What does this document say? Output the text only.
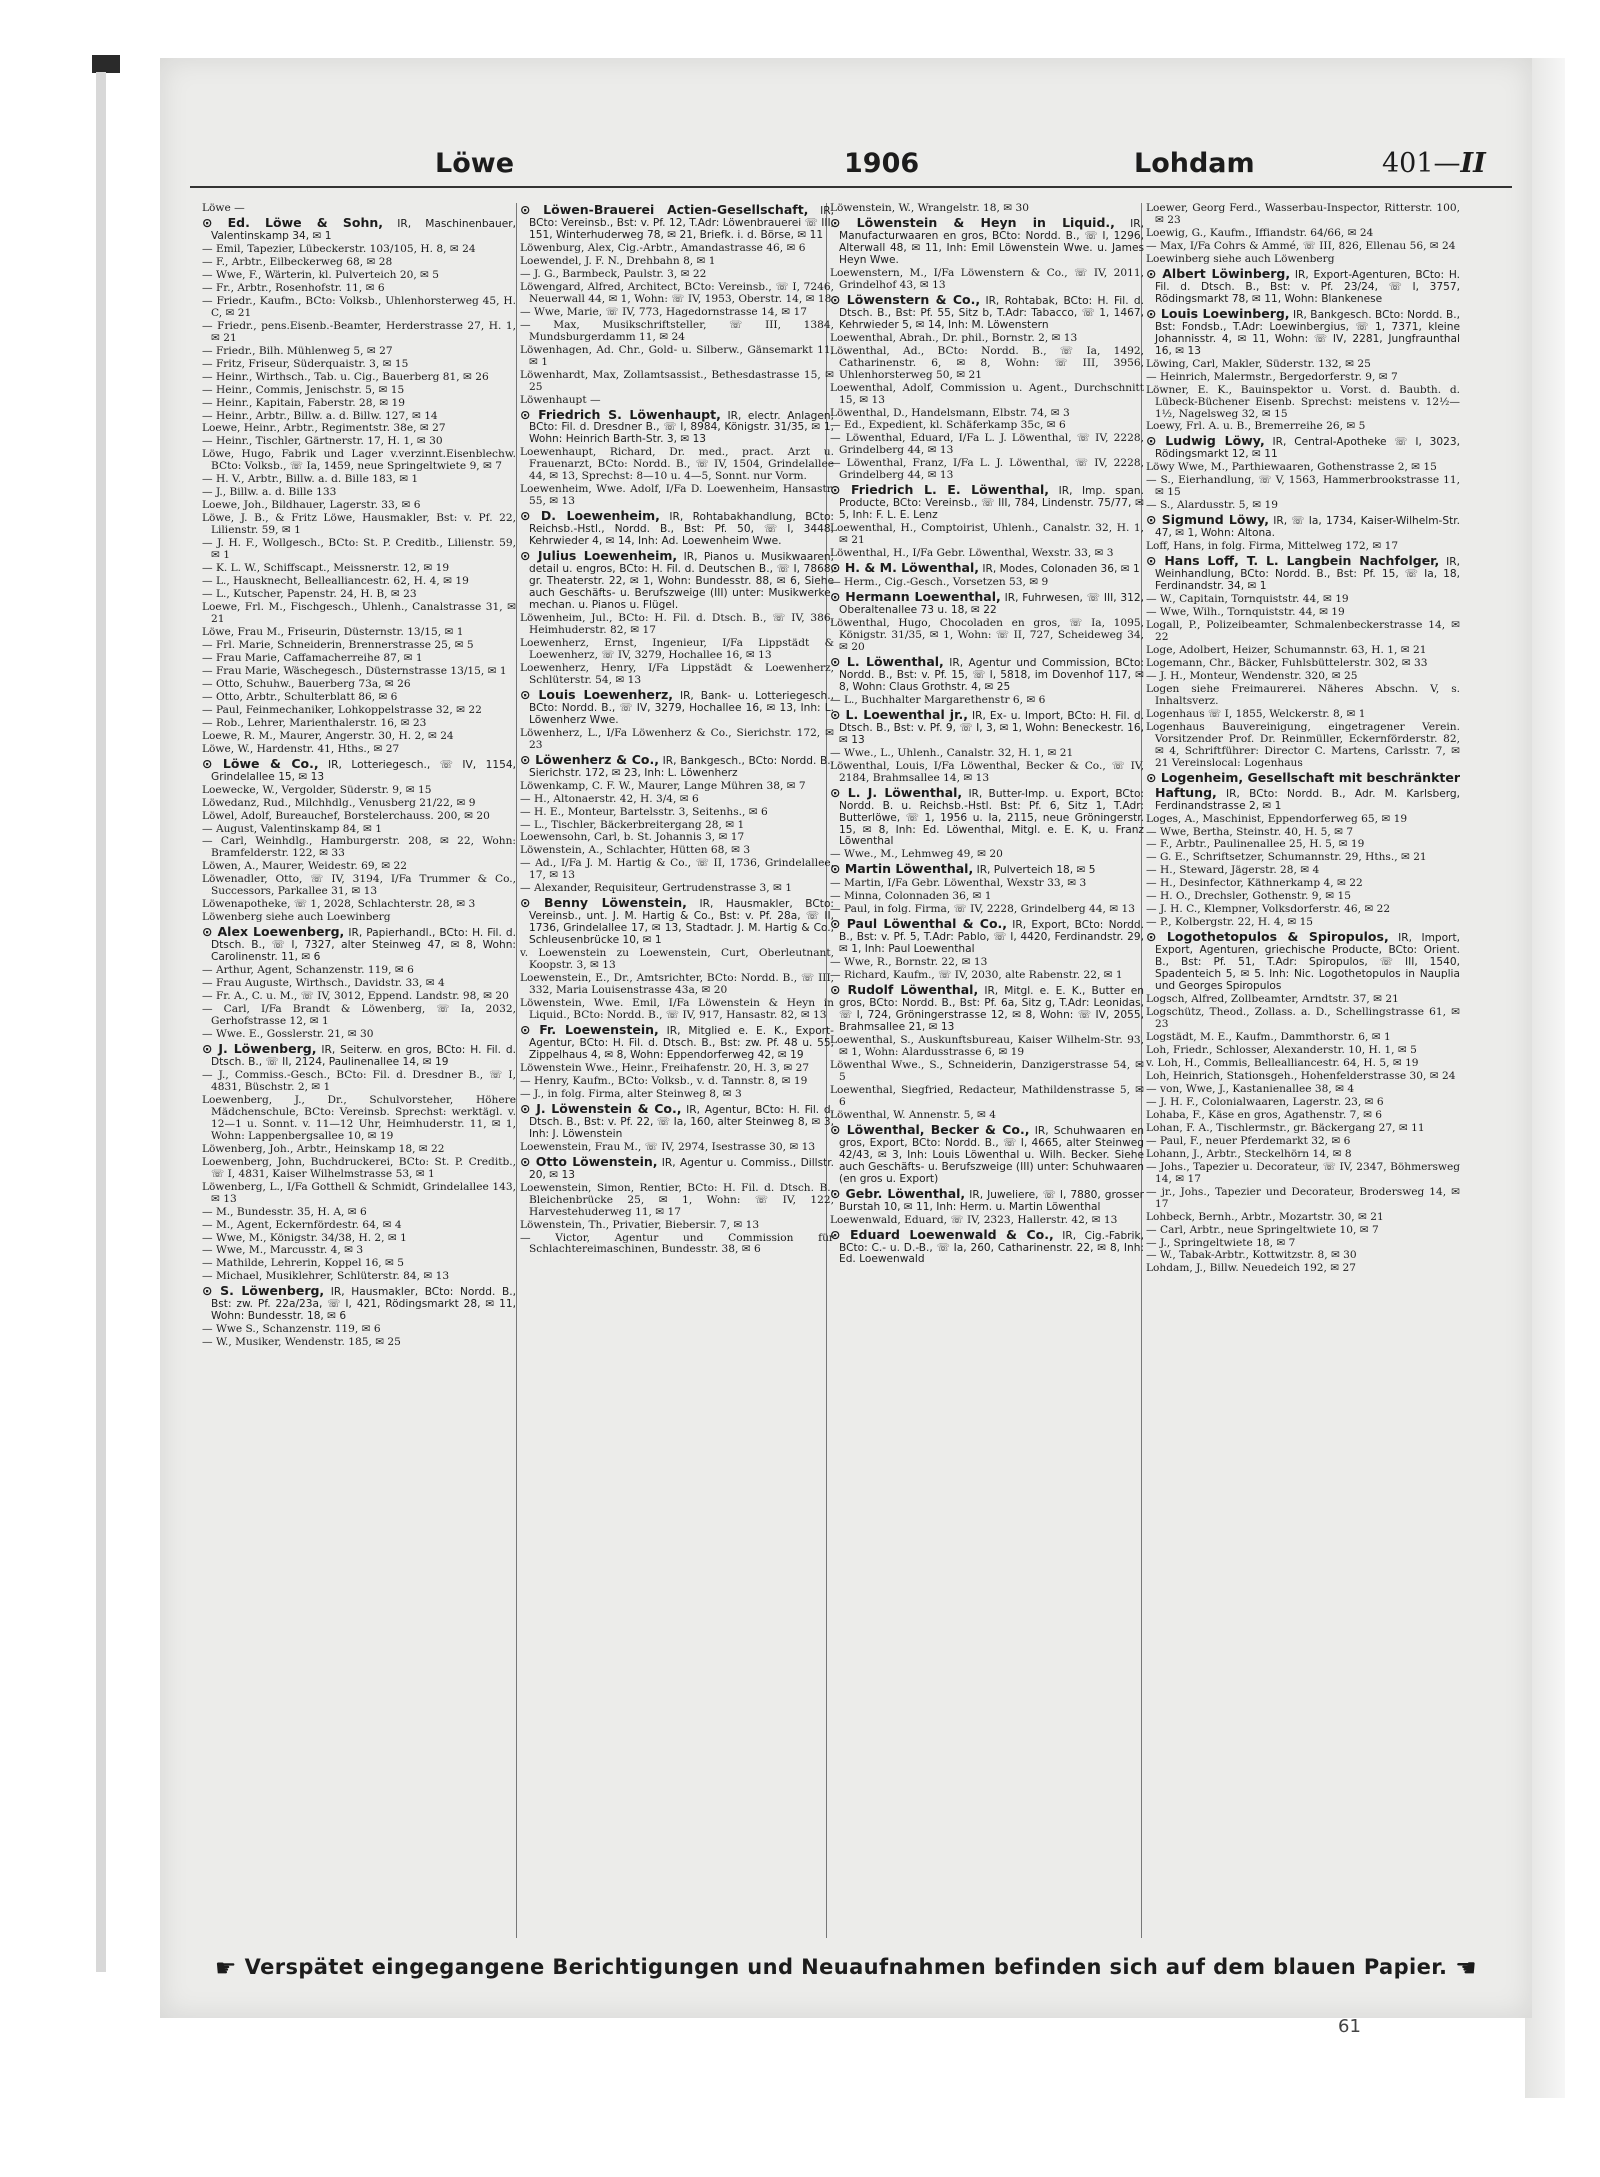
Löwe	1906	Lohdam	401—II
Löwe —
⊙ Ed. Löwe & Sohn, IR, Maschinenbauer, Valentinskamp 34, ✉ 1
— Emil, Tapezier, Lübeckerstr. 103/105, H. 8, ✉ 24
— F., Arbtr., Eilbeckerweg 68, ✉ 28
— Wwe, F., Wärterin, kl. Pulverteich 20, ✉ 5
— Fr., Arbtr., Rosenhofstr. 11, ✉ 6
— Friedr., Kaufm., BCto: Volksb., Uhlenhorsterweg 45, H. C, ✉ 21
— Friedr., pens.Eisenb.-Beamter, Herderstrasse 27, H. 1, ✉ 21
— Friedr., Bilh. Mühlenweg 5, ✉ 27
— Fritz, Friseur, Süderquaistr. 3, ✉ 15
— Heinr., Wirthsch., Tab. u. Cig., Bauerberg 81, ✉ 26
— Heinr., Commis, Jenischstr. 5, ✉ 15
— Heinr., Kapitain, Faberstr. 28, ✉ 19
— Heinr., Arbtr., Billw. a. d. Billw. 127, ✉ 14
Loewe, Heinr., Arbtr., Regimentstr. 38e, ✉ 27
— Heinr., Tischler, Gärtnerstr. 17, H. 1, ✉ 30
Löwe, Hugo, Fabrik und Lager v.verzinnt.Eisenblechw. BCto: Volksb., ☏ Ia, 1459, neue Springeltwiete 9, ✉ 7
— H. V., Arbtr., Billw. a. d. Bille 183, ✉ 1
— J., Billw. a. d. Bille 133
Loewe, Joh., Bildhauer, Lagerstr. 33, ✉ 6
Löwe, J. B., & Fritz Löwe, Hausmakler, Bst: v. Pf. 22, Lilienstr. 59, ✉ 1
— J. H. F., Wollgesch., BCto: St. P. Creditb., Lilienstr. 59, ✉ 1
— K. L. W., Schiffscapt., Meissnerstr. 12, ✉ 19
— L., Hausknecht, Bellealliancestr. 62, H. 4, ✉ 19
— L., Kutscher, Papenstr. 24, H. B, ✉ 23
Loewe, Frl. M., Fischgesch., Uhlenh., Canalstrasse 31, ✉ 21
Löwe, Frau M., Friseurin, Düsternstr. 13/15, ✉ 1
— Frl. Marie, Schneiderin, Brennerstrasse 25, ✉ 5
— Frau Marie, Caffamacherreihe 87, ✉ 1
— Frau Marie, Wäschegesch., Düsternstrasse 13/15, ✉ 1
— Otto, Schuhw., Bauerberg 73a, ✉ 26
— Otto, Arbtr., Schulterblatt 86, ✉ 6
— Paul, Feinmechaniker, Lohkoppelstrasse 32, ✉ 22
— Rob., Lehrer, Marienthalerstr. 16, ✉ 23
Loewe, R. M., Maurer, Angerstr. 30, H. 2, ✉ 24
Löwe, W., Hardenstr. 41, Hths., ✉ 27
⊙ Löwe & Co., IR, Lotteriegesch., ☏ IV, 1154, Grindelallee 15, ✉ 13
Loewecke, W., Vergolder, Süderstr. 9, ✉ 15
Löwedanz, Rud., Milchhdlg., Venusberg 21/22, ✉ 9
Löwel, Adolf, Bureauchef, Borstelerchauss. 200, ✉ 20
— August, Valentinskamp 84, ✉ 1
— Carl, Weinhdlg., Hamburgerstr. 208, ✉ 22, Wohn: Bramfelderstr. 122, ✉ 33
Löwen, A., Maurer, Weidestr. 69, ✉ 22
Löwenadler, Otto, ☏ IV, 3194, I/Fa Trummer & Co., Successors, Parkallee 31, ✉ 13
Löwenapotheke, ☏ 1, 2028, Schlachterstr. 28, ✉ 3
Löwenberg siehe auch Loewinberg
⊙ Alex Loewenberg, IR, Papierhandl., BCto: H. Fil. d. Dtsch. B., ☏ I, 7327, alter Steinweg 47, ✉ 8, Wohn: Carolinenstr. 11, ✉ 6
— Arthur, Agent, Schanzenstr. 119, ✉ 6
— Frau Auguste, Wirthsch., Davidstr. 33, ✉ 4
— Fr. A., C. u. M., ☏ IV, 3012, Eppend. Landstr. 98, ✉ 20
— Carl, I/Fa Brandt & Löwenberg, ☏ Ia, 2032, Gerhofstrasse 12, ✉ 1
— Wwe. E., Gosslerstr. 21, ✉ 30
⊙ J. Löwenberg, IR, Seiterw. en gros, BCto: H. Fil. d. Dtsch. B., ☏ II, 2124, Paulinenallee 14, ✉ 19
— J., Commiss.-Gesch., BCto: Fil. d. Dresdner B., ☏ I, 4831, Büschstr. 2, ✉ 1
Loewenberg, J., Dr., Schulvorsteher, Höhere Mädchenschule, BCto: Vereinsb. Sprechst: werktägl. v. 12—1 u. Sonnt. v. 11—12 Uhr, Heimhuderstr. 11, ✉ 1, Wohn: Lappenbergsallee 10, ✉ 19
Löwenberg, Joh., Arbtr., Heinskamp 18, ✉ 22
Loewenberg, John, Buchdruckerei, BCto: St. P. Creditb., ☏ I, 4831, Kaiser Wilhelmstrasse 53, ✉ 1
Löwenberg, L., I/Fa Gotthell & Schmidt, Grindelallee 143, ✉ 13
— M., Bundesstr. 35, H. A, ✉ 6
— M., Agent, Eckernfördestr. 64, ✉ 4
— Wwe, M., Königstr. 34/38, H. 2, ✉ 1
— Wwe, M., Marcusstr. 4, ✉ 3
— Mathilde, Lehrerin, Koppel 16, ✉ 5
— Michael, Musiklehrer, Schlüterstr. 84, ✉ 13
⊙ S. Löwenberg, IR, Hausmakler, BCto: Nordd. B., Bst: zw. Pf. 22a/23a, ☏ I, 421, Rödingsmarkt 28, ✉ 11, Wohn: Bundesstr. 18, ✉ 6
— Wwe S., Schanzenstr. 119, ✉ 6
— W., Musiker, Wendenstr. 185, ✉ 25
⊙ Löwen-Brauerei Actien-Gesellschaft, IR, BCto: Vereinsb., Bst: v. Pf. 12, T.Adr: Löwenbrauerei ☏ III, 151, Winterhuderweg 78, ✉ 21, Briefk. i. d. Börse, ✉ 11
Löwenburg, Alex, Cig.-Arbtr., Amandastrasse 46, ✉ 6
Loewendel, J. F. N., Drehbahn 8, ✉ 1
— J. G., Barmbeck, Paulstr. 3, ✉ 22
Löwengard, Alfred, Architect, BCto: Vereinsb., ☏ I, 7246, Neuerwall 44, ✉ 1, Wohn: ☏ IV, 1953, Oberstr. 14, ✉ 18
— Wwe, Marie, ☏ IV, 773, Hagedornstrasse 14, ✉ 17
— Max, Musikschriftsteller, ☏ III, 1384, Mundsburgerdamm 11, ✉ 24
Löwenhagen, Ad. Chr., Gold- u. Silberw., Gänsemarkt 11, ✉ 1
Löwenhardt, Max, Zollamtsassist., Bethesdastrasse 15, ✉ 25
Löwenhaupt —
⊙ Friedrich S. Löwenhaupt, IR, electr. Anlagen, BCto: Fil. d. Dresdner B., ☏ I, 8984, Königstr. 31/35, ✉ 1, Wohn: Heinrich Barth-Str. 3, ✉ 13
Loewenhaupt, Richard, Dr. med., pract. Arzt u. Frauenarzt, BCto: Nordd. B., ☏ IV, 1504, Grindelallee 44, ✉ 13, Sprechst: 8—10 u. 4—5, Sonnt. nur Vorm.
Loewenheim, Wwe. Adolf, I/Fa D. Loewenheim, Hansastr. 55, ✉ 13
⊙ D. Loewenheim, IR, Rohtabakhandlung, BCto: Reichsb.-Hstl., Nordd. B., Bst: Pf. 50, ☏ I, 3448, Kehrwieder 4, ✉ 14, Inh: Ad. Loewenheim Wwe.
⊙ Julius Loewenheim, IR, Pianos u. Musikwaaren, detail u. engros, BCto: H. Fil. d. Deutschen B., ☏ I, 7868, gr. Theaterstr. 22, ✉ 1, Wohn: Bundesstr. 88, ✉ 6, Siehe auch Geschäfts- u. Berufszweige (III) unter: Musikwerke, mechan. u. Pianos u. Flügel.
Löwenheim, Jul., BCto: H. Fil. d. Dtsch. B., ☏ IV, 386, Heimhuderstr. 82, ✉ 17
Loewenherz, Ernst, Ingenieur, I/Fa Lippstädt & Loewenherz, ☏ IV, 3279, Hochallee 16, ✉ 13
Loewenherz, Henry, I/Fa Lippstädt & Loewenherz, Schlüterstr. 54, ✉ 13
⊙ Louis Loewenherz, IR, Bank- u. Lotteriegesch., BCto: Nordd. B., ☏ IV, 3279, Hochallee 16, ✉ 13, Inh: L. Löwenherz Wwe.
Löwenherz, L., I/Fa Löwenherz & Co., Sierichstr. 172, ✉ 23
⊙ Löwenherz & Co., IR, Bankgesch., BCto: Nordd. B., Sierichstr. 172, ✉ 23, Inh: L. Löwenherz
Löwenkamp, C. F. W., Maurer, Lange Mühren 38, ✉ 7
— H., Altonaerstr. 42, H. 3/4, ✉ 6
— H. E., Monteur, Bartelsstr. 3, Seitenhs., ✉ 6
— L., Tischler, Bäckerbreitergang 28, ✉ 1
Loewensohn, Carl, b. St. Johannis 3, ✉ 17
Löwenstein, A., Schlachter, Hütten 68, ✉ 3
— Ad., I/Fa J. M. Hartig & Co., ☏ II, 1736, Grindelallee, 17, ✉ 13
— Alexander, Requisiteur, Gertrudenstrasse 3, ✉ 1
⊙ Benny Löwenstein, IR, Hausmakler, BCto: Vereinsb., unt. J. M. Hartig & Co., Bst: v. Pf. 28a, ☏ II, 1736, Grindelallee 17, ✉ 13, Stadtadr. J. M. Hartig & Co., Schleusenbrücke 10, ✉ 1
v. Loewenstein zu Loewenstein, Curt, Oberleutnant, Koopstr. 3, ✉ 13
Loewenstein, E., Dr., Amtsrichter, BCto: Nordd. B., ☏ III, 332, Maria Louisenstrasse 43a, ✉ 20
Löwenstein, Wwe. Emil, I/Fa Löwenstein & Heyn in Liquid., BCto: Nordd. B., ☏ IV, 917, Hansastr. 82, ✉ 13
⊙ Fr. Loewenstein, IR, Mitglied e. E. K., Export-Agentur, BCto: H. Fil. d. Dtsch. B., Bst: zw. Pf. 48 u. 55, Zippelhaus 4, ✉ 8, Wohn: Eppendorferweg 42, ✉ 19
Löwenstein Wwe., Heinr., Freihafenstr. 20, H. 3, ✉ 27
— Henry, Kaufm., BCto: Volksb., v. d. Tannstr. 8, ✉ 19
— J., in folg. Firma, alter Steinweg 8, ✉ 3
⊙ J. Löwenstein & Co., IR, Agentur, BCto: H. Fil. d. Dtsch. B., Bst: v. Pf. 22, ☏ Ia, 160, alter Steinweg 8, ✉ 3, Inh: J. Löwenstein
Loewenstein, Frau M., ☏ IV, 2974, Isestrasse 30, ✉ 13
⊙ Otto Löwenstein, IR, Agentur u. Commiss., Dillstr. 20, ✉ 13
Loewenstein, Simon, Rentier, BCto: H. Fil. d. Dtsch. B., Bleichenbrücke 25, ✉ 1, Wohn: ☏ IV, 122, Harvestehuderweg 11, ✉ 17
Löwenstein, Th., Privatier, Biebersir. 7, ✉ 13
— Victor, Agentur und Commission für Schlachtereimaschinen, Bundesstr. 38, ✉ 6
Löwenstein, W., Wrangelstr. 18, ✉ 30
⊙ Löwenstein & Heyn in Liquid., IR, Manufacturwaaren en gros, BCto: Nordd. B., ☏ I, 1296, Alterwall 48, ✉ 11, Inh: Emil Löwenstein Wwe. u. James Heyn Wwe.
Loewenstern, M., I/Fa Löwenstern & Co., ☏ IV, 2011, Grindelhof 43, ✉ 13
⊙ Löwenstern & Co., IR, Rohtabak, BCto: H. Fil. d. Dtsch. B., Bst: Pf. 55, Sitz b, T.Adr: Tabacco, ☏ 1, 1467, Kehrwieder 5, ✉ 14, Inh: M. Löwenstern
Loewenthal, Abrah., Dr. phil., Bornstr. 2, ✉ 13
Löwenthal, Ad., BCto: Nordd. B., ☏ Ia, 1492, Catharinenstr. 6, ✉ 8, Wohn: ☏ III, 3956, Uhlenhorsterweg 50, ✉ 21
Loewenthal, Adolf, Commission u. Agent., Durchschnitt 15, ✉ 13
Löwenthal, D., Handelsmann, Elbstr. 74, ✉ 3
— Ed., Expedient, kl. Schäferkamp 35c, ✉ 6
— Löwenthal, Eduard, I/Fa L. J. Löwenthal, ☏ IV, 2228, Grindelberg 44, ✉ 13
— Löwenthal, Franz, I/Fa L. J. Löwenthal, ☏ IV, 2228, Grindelberg 44, ✉ 13
⊙ Friedrich L. E. Löwenthal, IR, Imp. span. Producte, BCto: Vereinsb., ☏ III, 784, Lindenstr. 75/77, ✉ 5, Inh: F. L. E. Lenz
Loewenthal, H., Comptoirist, Uhlenh., Canalstr. 32, H. 1, ✉ 21
Löwenthal, H., I/Fa Gebr. Löwenthal, Wexstr. 33, ✉ 3
⊙ H. & M. Löwenthal, IR, Modes, Colonaden 36, ✉ 1
— Herm., Cig.-Gesch., Vorsetzen 53, ✉ 9
⊙ Hermann Loewenthal, IR, Fuhrwesen, ☏ III, 312, Oberaltenallee 73 u. 18, ✉ 22
Löwenthal, Hugo, Chocoladen en gros, ☏ Ia, 1095, Königstr. 31/35, ✉ 1, Wohn: ☏ II, 727, Scheideweg 34, ✉ 20
⊙ L. Löwenthal, IR, Agentur und Commission, BCto: Nordd. B., Bst: v. Pf. 15, ☏ I, 5818, im Dovenhof 117, ✉ 8, Wohn: Claus Grothstr. 4, ✉ 25
— L., Buchhalter Margarethenstr 6, ✉ 6
⊙ L. Loewenthal jr., IR, Ex- u. Import, BCto: H. Fil. d. Dtsch. B., Bst: v. Pf. 9, ☏ I, 3, ✉ 1, Wohn: Beneckestr. 16, ✉ 13
— Wwe., L., Uhlenh., Canalstr. 32, H. 1, ✉ 21
Löwenthal, Louis, I/Fa Löwenthal, Becker & Co., ☏ IV, 2184, Brahmsallee 14, ✉ 13
⊙ L. J. Löwenthal, IR, Butter-Imp. u. Export, BCto: Nordd. B. u. Reichsb.-Hstl. Bst: Pf. 6, Sitz 1, T.Adr: Butterlöwe, ☏ 1, 1956 u. Ia, 2115, neue Gröningerstr. 15, ✉ 8, Inh: Ed. Löwenthal, Mitgl. e. E. K, u. Franz Löwenthal
— Wwe., M., Lehmweg 49, ✉ 20
⊙ Martin Löwenthal, IR, Pulverteich 18, ✉ 5
— Martin, I/Fa Gebr. Löwenthal, Wexstr 33, ✉ 3
— Minna, Colonnaden 36, ✉ 1
— Paul, in folg. Firma, ☏ IV, 2228, Grindelberg 44, ✉ 13
⊙ Paul Löwenthal & Co., IR, Export, BCto: Nordd. B., Bst: v. Pf. 5, T.Adr: Pablo, ☏ I, 4420, Ferdinandstr. 29, ✉ 1, Inh: Paul Loewenthal
— Wwe, R., Bornstr. 22, ✉ 13
— Richard, Kaufm., ☏ IV, 2030, alte Rabenstr. 22, ✉ 1
⊙ Rudolf Löwenthal, IR, Mitgl. e. E. K., Butter en gros, BCto: Nordd. B., Bst: Pf. 6a, Sitz g, T.Adr: Leonidas, ☏ I, 724, Gröningerstrasse 12, ✉ 8, Wohn: ☏ IV, 2055, Brahmsallee 21, ✉ 13
Loewenthal, S., Auskunftsbureau, Kaiser Wilhelm-Str. 93, ✉ 1, Wohn: Alardusstrasse 6, ✉ 19
Löwenthal Wwe., S., Schneiderin, Danzigerstrasse 54, ✉ 5
Loewenthal, Siegfried, Redacteur, Mathildenstrasse 5, ✉ 6
Löwenthal, W. Annenstr. 5, ✉ 4
⊙ Löwenthal, Becker & Co., IR, Schuhwaaren en gros, Export, BCto: Nordd. B., ☏ I, 4665, alter Steinweg 42/43, ✉ 3, Inh: Louis Löwenthal u. Wilh. Becker. Siehe auch Geschäfts- u. Berufszweige (III) unter: Schuhwaaren (en gros u. Export)
⊙ Gebr. Löwenthal, IR, Juweliere, ☏ I, 7880, grosser Burstah 10, ✉ 11, Inh: Herm. u. Martin Löwenthal
Loewenwald, Eduard, ☏ IV, 2323, Hallerstr. 42, ✉ 13
⊙ Eduard Loewenwald & Co., IR, Cig.-Fabrik, BCto: C.- u. D.-B., ☏ Ia, 260, Catharinenstr. 22, ✉ 8, Inh: Ed. Loewenwald
Loewer, Georg Ferd., Wasserbau-Inspector, Ritterstr. 100, ✉ 23
Loewig, G., Kaufm., Iffiandstr. 64/66, ✉ 24
— Max, I/Fa Cohrs & Ammé, ☏ III, 826, Ellenau 56, ✉ 24
Loewinberg siehe auch Löwenberg
⊙ Albert Löwinberg, IR, Export-Agenturen, BCto: H. Fil. d. Dtsch. B., Bst: v. Pf. 23/24, ☏ I, 3757, Rödingsmarkt 78, ✉ 11, Wohn: Blankenese
⊙ Louis Loewinberg, IR, Bankgesch. BCto: Nordd. B., Bst: Fondsb., T.Adr: Loewinbergius, ☏ 1, 7371, kleine Johannisstr. 4, ✉ 11, Wohn: ☏ IV, 2281, Jungfraunthal 16, ✉ 13
Löwing, Carl, Makler, Süderstr. 132, ✉ 25
— Heinrich, Malermstr., Bergedorferstr. 9, ✉ 7
Löwner, E. K., Bauinspektor u. Vorst. d. Baubth. d. Lübeck-Büchener Eisenb. Sprechst: meistens v. 12½—1½, Nagelsweg 32, ✉ 15
Loewy, Frl. A. u. B., Bremerreihe 26, ✉ 5
⊙ Ludwig Löwy, IR, Central-Apotheke ☏ I, 3023, Rödingsmarkt 12, ✉ 11
Löwy Wwe, M., Parthiewaaren, Gothenstrasse 2, ✉ 15
— S., Eierhandlung, ☏ V, 1563, Hammerbrookstrasse 11, ✉ 15
— S., Alardusstr. 5, ✉ 19
⊙ Sigmund Löwy, IR, ☏ Ia, 1734, Kaiser-Wilhelm-Str. 47, ✉ 1, Wohn: Altona.
Loff, Hans, in folg. Firma, Mittelweg 172, ✉ 17
⊙ Hans Loff, T. L. Langbein Nachfolger, IR, Weinhandlung, BCto: Nordd. B., Bst: Pf. 15, ☏ Ia, 18, Ferdinandstr. 34, ✉ 1
— W., Capitain, Tornquiststr. 44, ✉ 19
— Wwe, Wilh., Tornquiststr. 44, ✉ 19
Logall, P., Polizeibeamter, Schmalenbeckerstrasse 14, ✉ 22
Loge, Adolbert, Heizer, Schumannstr. 63, H. 1, ✉ 21
Logemann, Chr., Bäcker, Fuhlsbüttelerstr. 302, ✉ 33
— J. H., Monteur, Wendenstr. 320, ✉ 25
Logen siehe Freimaurerei. Näheres Abschn. V, s. Inhaltsverz.
Logenhaus ☏ I, 1855, Welckerstr. 8, ✉ 1
Logenhaus Bauvereinigung, eingetragener Verein. Vorsitzender Prof. Dr. Reinmüller, Eckernförderstr. 82, ✉ 4, Schriftführer: Director C. Martens, Carlsstr. 7, ✉ 21 Vereinslocal: Logenhaus
⊙ Logenheim, Gesellschaft mit beschränkter Haftung, IR, BCto: Nordd. B., Adr. M. Karlsberg, Ferdinandstrasse 2, ✉ 1
Loges, A., Maschinist, Eppendorferweg 65, ✉ 19
— Wwe, Bertha, Steinstr. 40, H. 5, ✉ 7
— F., Arbtr., Paulinenallee 25, H. 5, ✉ 19
— G. E., Schriftsetzer, Schumannstr. 29, Hths., ✉ 21
— H., Steward, Jägerstr. 28, ✉ 4
— H., Desinfector, Käthnerkamp 4, ✉ 22
— H. O., Drechsler, Gothenstr. 9, ✉ 15
— J. H. C., Klempner, Volksdorferstr. 46, ✉ 22
— P., Kolbergstr. 22, H. 4, ✉ 15
⊙ Logothetopulos & Spiropulos, IR, Import, Export, Agenturen, griechische Producte, BCto: Orient. B., Bst: Pf. 51, T.Adr: Spiropulos, ☏ III, 1540, Spadenteich 5, ✉ 5. Inh: Nic. Logothetopulos in Nauplia und Georges Spiropulos
Logsch, Alfred, Zollbeamter, Arndtstr. 37, ✉ 21
Logschütz, Theod., Zollass. a. D., Schellingstrasse 61, ✉ 23
Logstädt, M. E., Kaufm., Dammthorstr. 6, ✉ 1
Loh, Friedr., Schlosser, Alexanderstr. 10, H. 1, ✉ 5
v. Loh, H., Commis, Bellealliancestr. 64, H. 5, ✉ 19
Loh, Heinrich, Stationsgeh., Hohenfelderstrasse 30, ✉ 24
— von, Wwe, J., Kastanienallee 38, ✉ 4
— J. H. F., Colonialwaaren, Lagerstr. 23, ✉ 6
Lohaba, F., Käse en gros, Agathenstr. 7, ✉ 6
Lohan, F. A., Tischlermstr., gr. Bäckergang 27, ✉ 11
— Paul, F., neuer Pferdemarkt 32, ✉ 6
Lohann, J., Arbtr., Steckelhörn 14, ✉ 8
— Johs., Tapezier u. Decorateur, ☏ IV, 2347, Böhmersweg 14, ✉ 17
— jr., Johs., Tapezier und Decorateur, Brodersweg 14, ✉ 17
Lohbeck, Bernh., Arbtr., Mozartstr. 30, ✉ 21
— Carl, Arbtr., neue Springeltwiete 10, ✉ 7
— J., Springeltwiete 18, ✉ 7
— W., Tabak-Arbtr., Kottwitzstr. 8, ✉ 30
Lohdam, J., Billw. Neuedeich 192, ✉ 27
☛ Verspätet eingegangene Berichtigungen und Neuaufnahmen befinden sich auf dem blauen Papier. ☚
61
